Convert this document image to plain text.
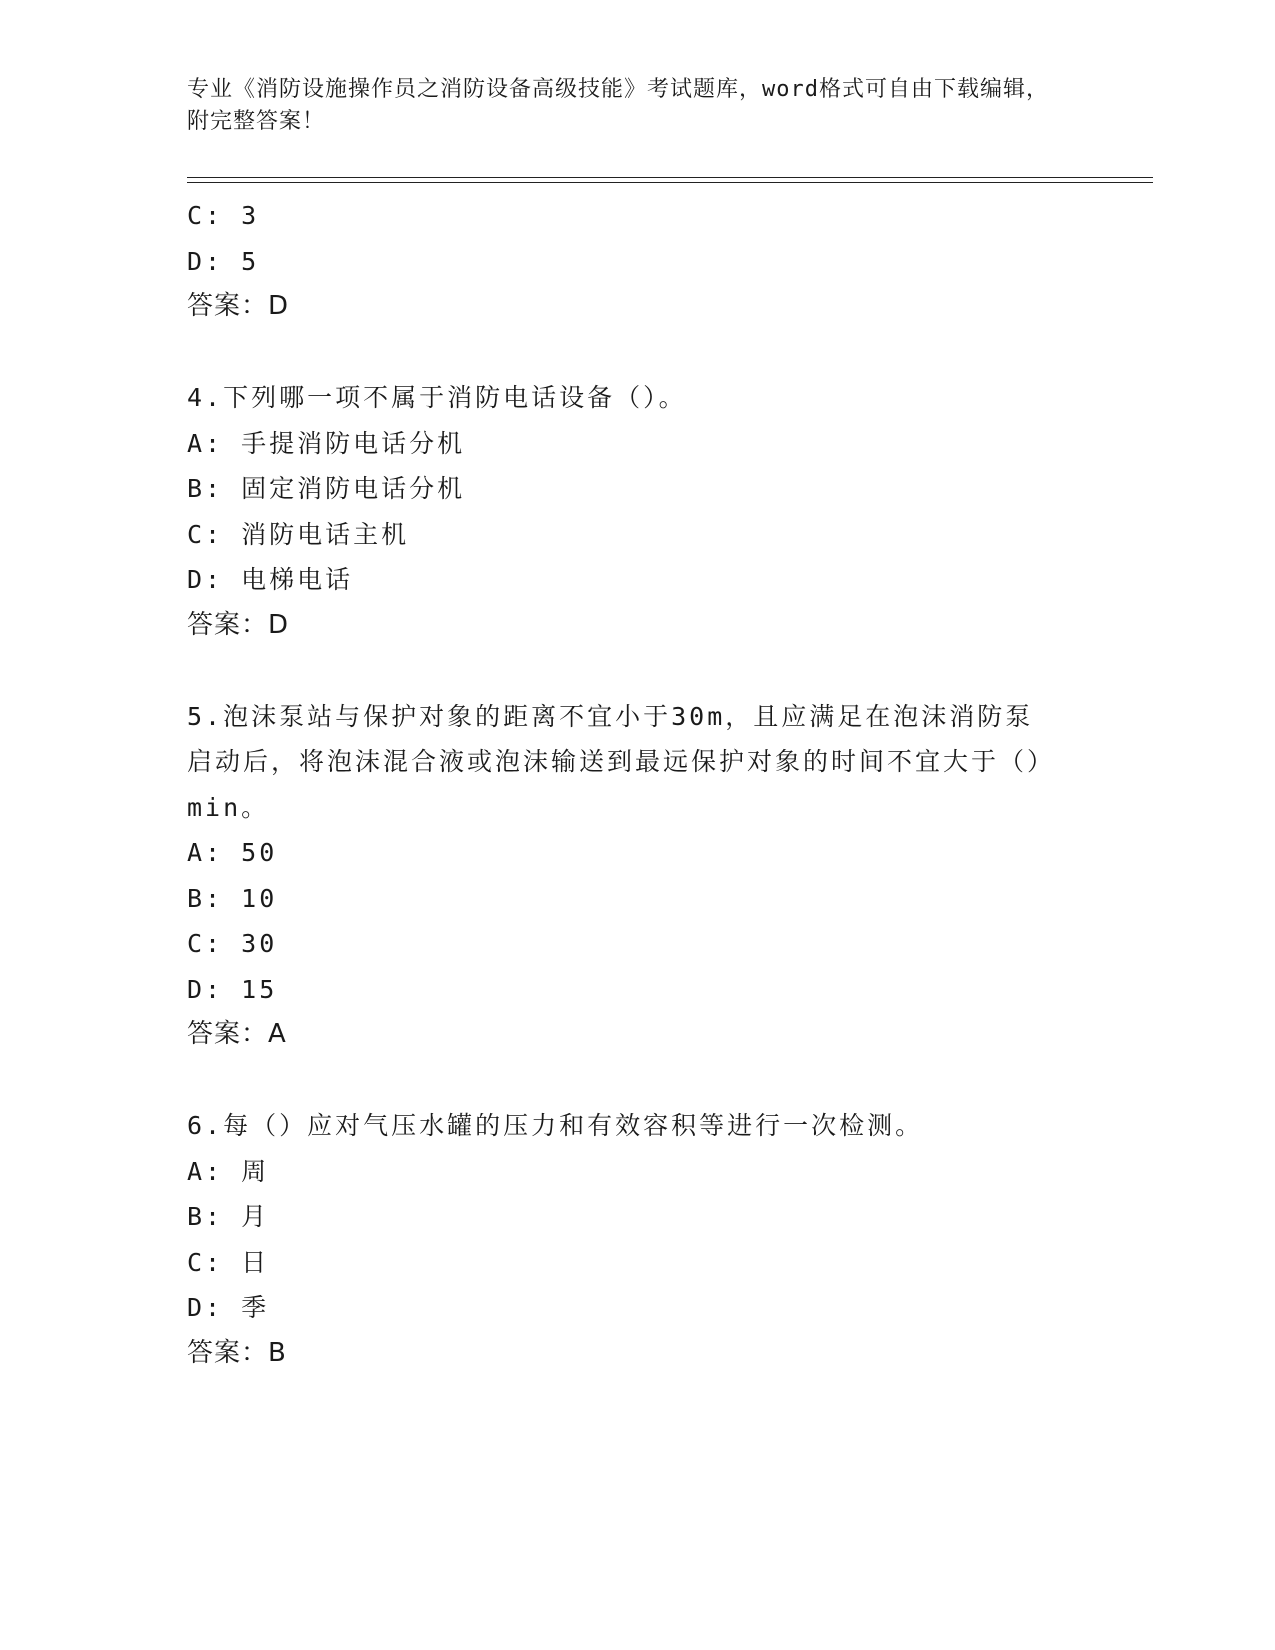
专业《消防设施操作员之消防设备高级技能》考试题库，word格式可自由下载编辑，附完整答案！
C: 3
D: 5
答案：D
4.下列哪一项不属于消防电话设备（）。
A: 手提消防电话分机
B: 固定消防电话分机
C: 消防电话主机
D: 电梯电话
答案：D
5.泡沫泵站与保护对象的距离不宜小于30m，且应满足在泡沫消防泵启动后，将泡沫混合液或泡沫输送到最远保护对象的时间不宜大于（）min。
A: 50
B: 10
C: 30
D: 15
答案：A
6.每（）应对气压水罐的压力和有效容积等进行一次检测。
A: 周
B: 月
C: 日
D: 季
答案：B
